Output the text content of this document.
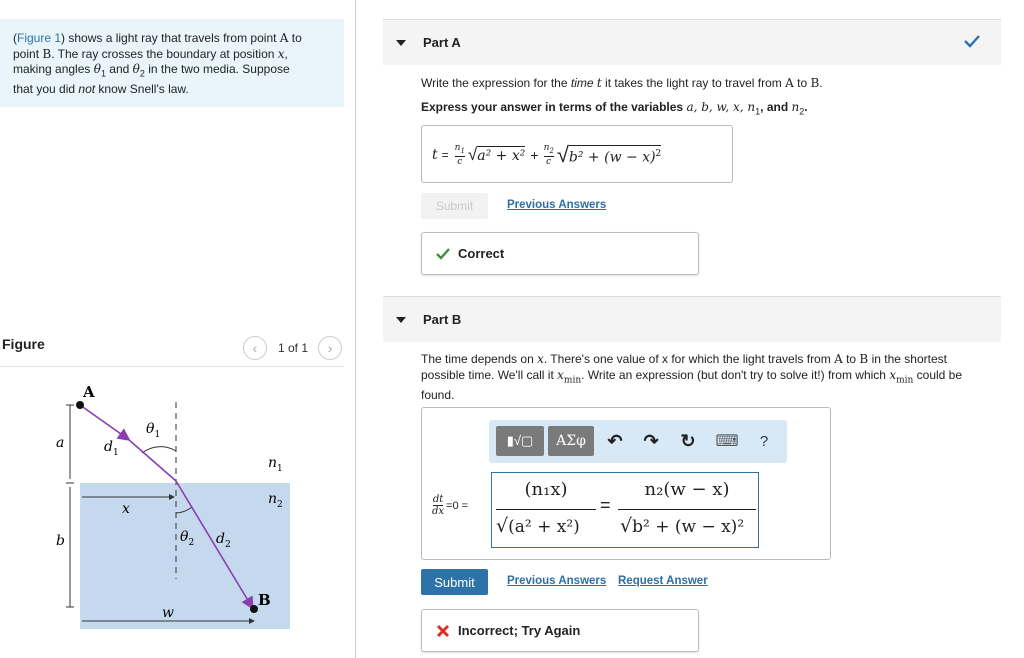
(Figure 1) shows a light ray that travels from point A to
point B. The ray crosses the boundary at position x,
making angles $\theta_1$ and $\theta_2$ in the two media. Suppose
that you did not know Snell's law.
Figure	‹	1 of 1	›
A
B
a
b
x
w
$d_1$
$d_2$
$\theta_1$
$\theta_2$
$n_1$
$n_2$
Part A
Write the expression for the time t it takes the light ray to travel from A to B.
Express your answer in terms of the variables a, b, w, x, $n_1$, and $n_2$.
$t = \frac{n_1}{c}$ √ $a^2 + x^2 + \frac{n_2}{c}$ √ $b^2 + (w - x)^2$
Submit	Previous Answers
Correct
Part B
The time depends on x. There's one value of x for which the light travels from A to B in the shortest
possible time. We'll call it $x_{min}$. Write an expression (but don't try to solve it!) from which $x_{min}$ could be
found.
▮√▢	ΑΣφ	↶ ↷ ↻ ⌨	?
$\frac{dt}{dx} =0$ =
(n₁x)
√(a² + x²)
=
n₂(w − x)
√b² + (w − x)²
Submit	Previous Answers Request Answer
Incorrect; Try Again
